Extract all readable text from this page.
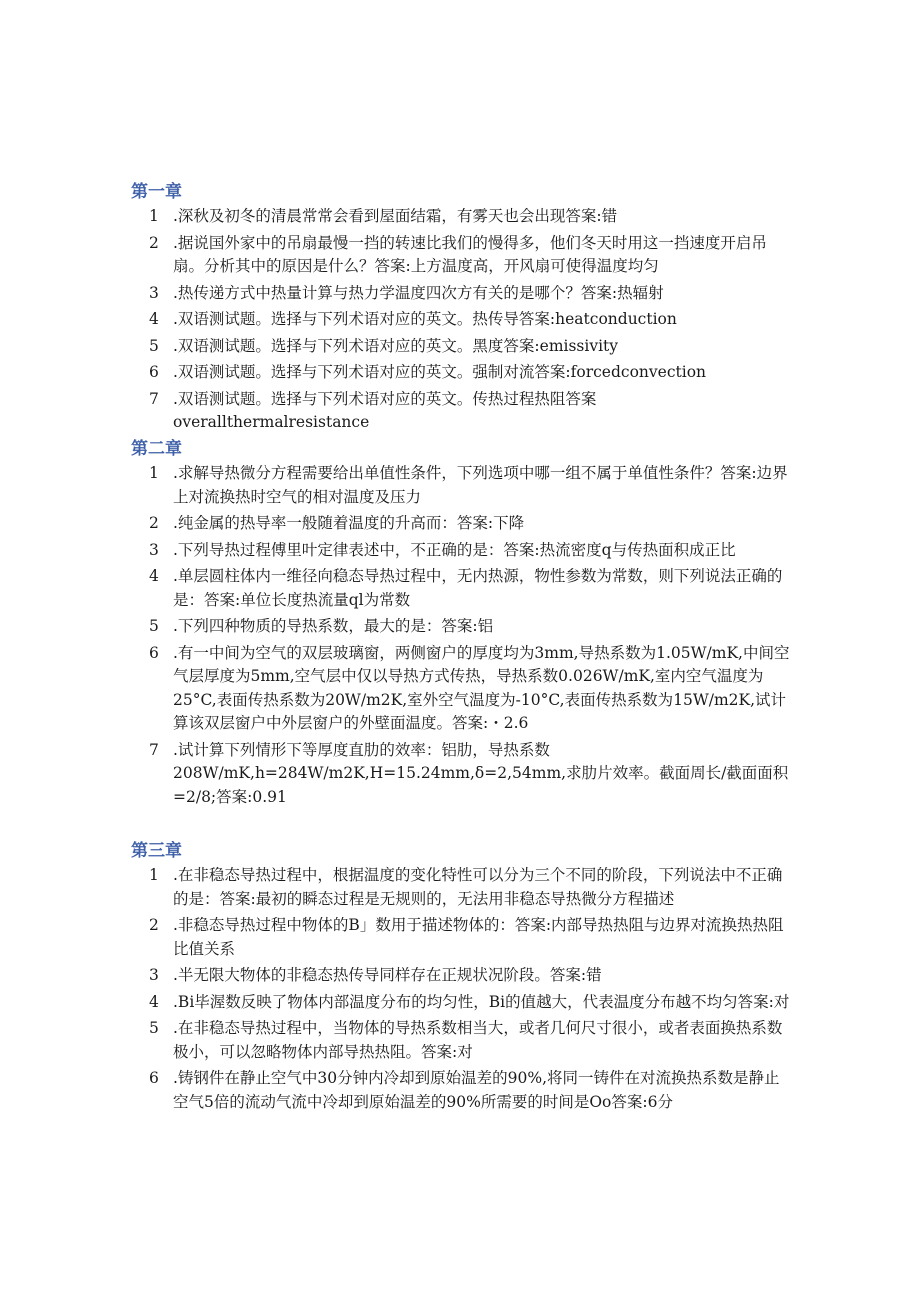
第一章
1 .深秋及初冬的清晨常常会看到屋面结霜，有雾天也会出现答案:错
2 .据说国外家中的吊扇最慢一挡的转速比我们的慢得多，他们冬天时用这一挡速度开启吊扇。分析其中的原因是什么？答案:上方温度高，开风扇可使得温度均匀
3 .热传递方式中热量计算与热力学温度四次方有关的是哪个？答案:热辐射
4 .双语测试题。选择与下列术语对应的英文。热传导答案:heatconduction
5 .双语测试题。选择与下列术语对应的英文。黑度答案:emissivity
6 .双语测试题。选择与下列术语对应的英文。强制对流答案:forcedconvection
7 .双语测试题。选择与下列术语对应的英文。传热过程热阻答案 overallthermalresistance
第二章
1 .求解导热微分方程需要给出单值性条件，下列选项中哪一组不属于单值性条件？答案:边界上对流换热时空气的相对温度及压力
2 .纯金属的热导率一般随着温度的升高而：答案:下降
3 .下列导热过程傅里叶定律表述中，不正确的是：答案:热流密度q与传热面积成正比
4 .单层圆柱体内一维径向稳态导热过程中，无内热源，物性参数为常数，则下列说法正确的是：答案:单位长度热流量ql为常数
5 .下列四种物质的导热系数，最大的是：答案:铝
6 .有一中间为空气的双层玻璃窗，两侧窗户的厚度均为3mm,导热系数为1.05W/mK,中间空气层厚度为5mm,空气层中仅以导热方式传热，导热系数0.026W/mK,室内空气温度为25°C,表面传热系数为20W/m2K,室外空气温度为-10°C,表面传热系数为15W/m2K,试计算该双层窗户中外层窗户的外壁面温度。答案:・2.6
7 .试计算下列情形下等厚度直肋的效率：铝肋，导热系数208W/mK,h=284W/m2K,H=15.24mm,δ=2,54mm,求肋片效率。截面周长/截面面积=2/8;答案:0.91
第三章
1 .在非稳态导热过程中，根据温度的变化特性可以分为三个不同的阶段，下列说法中不正确的是：答案:最初的瞬态过程是无规则的，无法用非稳态导热微分方程描述
2 .非稳态导热过程中物体的B」数用于描述物体的：答案:内部导热热阻与边界对流换热热阻比值关系
3 .半无限大物体的非稳态热传导同样存在正规状况阶段。答案:错
4 .Bi毕渥数反映了物体内部温度分布的均匀性，Bi的值越大，代表温度分布越不均匀答案:对
5 .在非稳态导热过程中，当物体的导热系数相当大，或者几何尺寸很小，或者表面换热系数极小，可以忽略物体内部导热热阻。答案:对
6 .铸钢件在静止空气中30分钟内冷却到原始温差的90%,将同一铸件在对流换热系数是静止空气5倍的流动气流中冷却到原始温差的90%所需要的时间是Oo答案:6分
